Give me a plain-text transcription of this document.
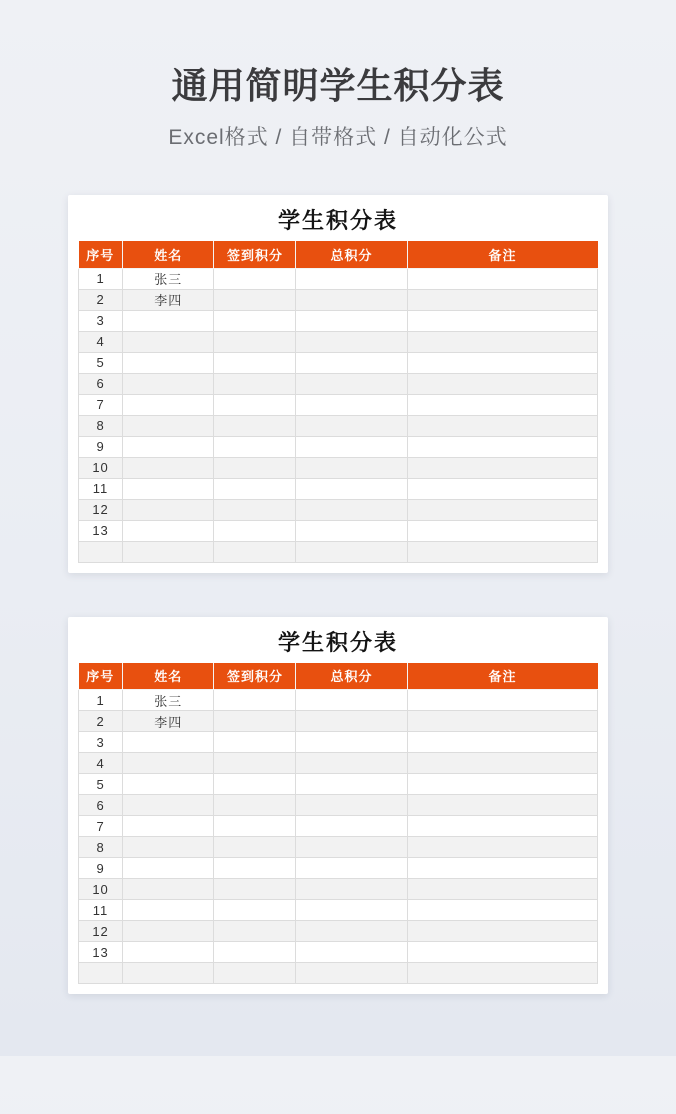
通用简明学生积分表

Excel格式 / 自带格式 / 自动化公式

学生积分表
序号	姓名	签到积分	总积分	备注
1	张三			
2	李四			
3				
4				
5				
6				
7				
8				
9				
10				
11				
12				
13				

学生积分表
序号	姓名	签到积分	总积分	备注
1	张三			
2	李四			
3				
4				
5				
6				
7				
8				
9				
10				
11				
12				
13				
